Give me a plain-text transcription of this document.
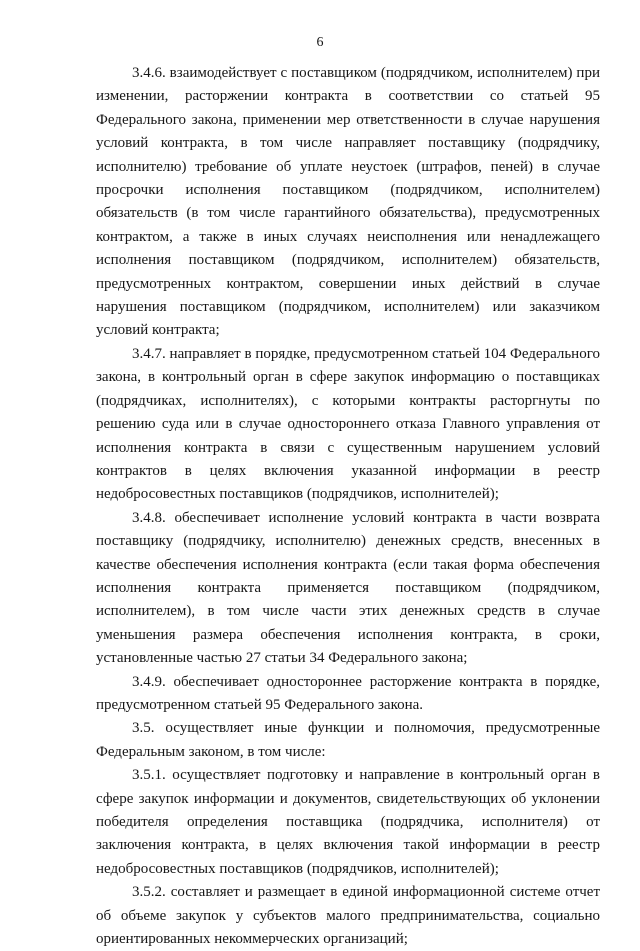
6

3.4.6. взаимодействует с поставщиком (подрядчиком, исполнителем) при изменении, расторжении контракта в соответствии со статьей 95 Федерального закона, применении мер ответственности в случае нарушения условий контракта, в том числе направляет поставщику (подрядчику, исполнителю) требование об уплате неустоек (штрафов, пеней) в случае просрочки исполнения поставщиком (подрядчиком, исполнителем) обязательств (в том числе гарантийного обязательства), предусмотренных контрактом, а также в иных случаях неисполнения или ненадлежащего исполнения поставщиком (подрядчиком, исполнителем) обязательств, предусмотренных контрактом, совершении иных действий в случае нарушения поставщиком (подрядчиком, исполнителем) или заказчиком условий контракта;

3.4.7. направляет в порядке, предусмотренном статьей 104 Федерального закона, в контрольный орган в сфере закупок информацию о поставщиках (подрядчиках, исполнителях), с которыми контракты расторгнуты по решению суда или в случае одностороннего отказа Главного управления от исполнения контракта в связи с существенным нарушением условий контрактов в целях включения указанной информации в реестр недобросовестных поставщиков (подрядчиков, исполнителей);

3.4.8. обеспечивает исполнение условий контракта в части возврата поставщику (подрядчику, исполнителю) денежных средств, внесенных в качестве обеспечения исполнения контракта (если такая форма обеспечения исполнения контракта применяется поставщиком (подрядчиком, исполнителем), в том числе части этих денежных средств в случае уменьшения размера обеспечения исполнения контракта, в сроки, установленные частью 27 статьи 34 Федерального закона;

3.4.9. обеспечивает одностороннее расторжение контракта в порядке, предусмотренном статьей 95 Федерального закона.

3.5. осуществляет иные функции и полномочия, предусмотренные Федеральным законом, в том числе:

3.5.1. осуществляет подготовку и направление в контрольный орган в сфере закупок информации и документов, свидетельствующих об уклонении победителя определения поставщика (подрядчика, исполнителя) от заключения контракта, в целях включения такой информации в реестр недобросовестных поставщиков (подрядчиков, исполнителей);

3.5.2. составляет и размещает в единой информационной системе отчет об объеме закупок у субъектов малого предпринимательства, социально ориентированных некоммерческих организаций;
